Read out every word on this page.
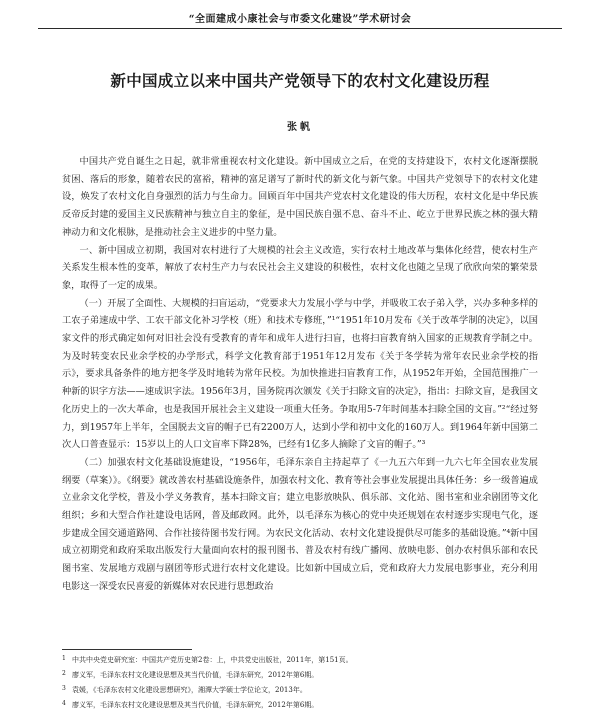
“全面建成小康社会与市委文化建设”学术研讨会
新中国成立以来中国共产党领导下的农村文化建设历程
张帆

中国共产党自诞生之日起，就非常重视农村文化建设。新中国成立之后，在党的支持建设下，农村文化逐渐摆脱贫困、落后的形象，随着农民的富裕，精神的富足谱写了新时代的新文化与新气象。中国共产党领导下的农村文化建设，焕发了农村文化自身强烈的活力与生命力。回顾百年中国共产党农村文化建设的伟大历程，农村文化是中华民族反帝反封建的爱国主义民族精神与独立自主的象征，是中国民族自强不息、奋斗不止、屹立于世界民族之林的强大精神动力和文化根脉，是推动社会主义进步的中坚力量。

一、新中国成立初期，我国对农村进行了大规模的社会主义改造，实行农村土地改革与集体化经营，使农村生产关系发生根本性的变革，解放了农村生产力与农民社会主义建设的积极性，农村文化也随之呈现了欣欣向荣的繁荣景象，取得了一定的成果。

（一）开展了全面性、大规模的扫盲运动，“党要求大力发展小学与中学，并吸收工农子弟入学，兴办多种多样的工农子弟速成中学、工农干部文化补习学校（班）和技术专修班，”¹“1951年10月发布《关于改革学制的决定》，以国家文件的形式确定如何对旧社会没有受教育的青年和成年人进行扫盲，也将扫盲教育纳入国家的正规教育学制之中。为及时转变农民业余学校的办学形式，科学文化教育部于1951年12月发布《关于冬学转为常年农民业余学校的指示》，要求具备条件的地方把冬学及时地转为常年民校。为加快推进扫盲教育工作，从1952年开始，全国范围推广一种新的识字方法——速成识字法。1956年3月，国务院再次颁发《关于扫除文盲的决定》，指出：扫除文盲，是我国文化历史上的一次大革命，也是我国开展社会主义建设一项重大任务。争取用5-7年时间基本扫除全国的文盲。”²“经过努力，到1957年上半年，全国脱去文盲的帽子已有2200万人，达到小学和初中文化的160万人。到1964年新中国第二次人口普查显示：15岁以上的人口文盲率下降28%，已经有1亿多人摘除了文盲的帽子。”³

（二）加强农村文化基础设施建设，“1956年，毛泽东亲自主持起草了《一九五六年到一九六七年全国农业发展纲要（草案）》。《纲要》就改善农村基础设施条件，加强农村文化、教育等社会事业发展提出具体任务：乡一级普遍成立业余文化学校，普及小学义务教育，基本扫除文盲；建立电影放映队、俱乐部、文化站、图书室和业余剧团等文化组织；乡和大型合作社建设电话网，普及邮政网。此外，以毛泽东为核心的党中央还规划在农村逐步实现电气化，逐步建成全国交通道路网、合作社接待图书发行网。为农民文化活动、农村文化建设提供尽可能多的基础设施。”⁴新中国成立初期党和政府采取出版发行大量面向农村的报刊图书、普及农村有线广播网、放映电影、创办农村俱乐部和农民图书室、发展地方戏剧与剧团等形式进行农村文化建设。比如新中国成立后，党和政府大力发展电影事业，充分利用电影这一深受农民喜爱的新媒体对农民进行思想政治

1 中共中央党史研究室：中国共产党历史第2卷：上，中共党史出版社，2011年，第151页。
2 廖义军，毛泽东农村文化建设思想及其当代价值，毛泽东研究，2012年第6期。
3 袁媛，《毛泽东农村文化建设思想研究》，湘潭大学硕士学位论文，2013年。
4 廖义军，毛泽东农村文化建设思想及其当代价值，毛泽东研究，2012年第6期。
